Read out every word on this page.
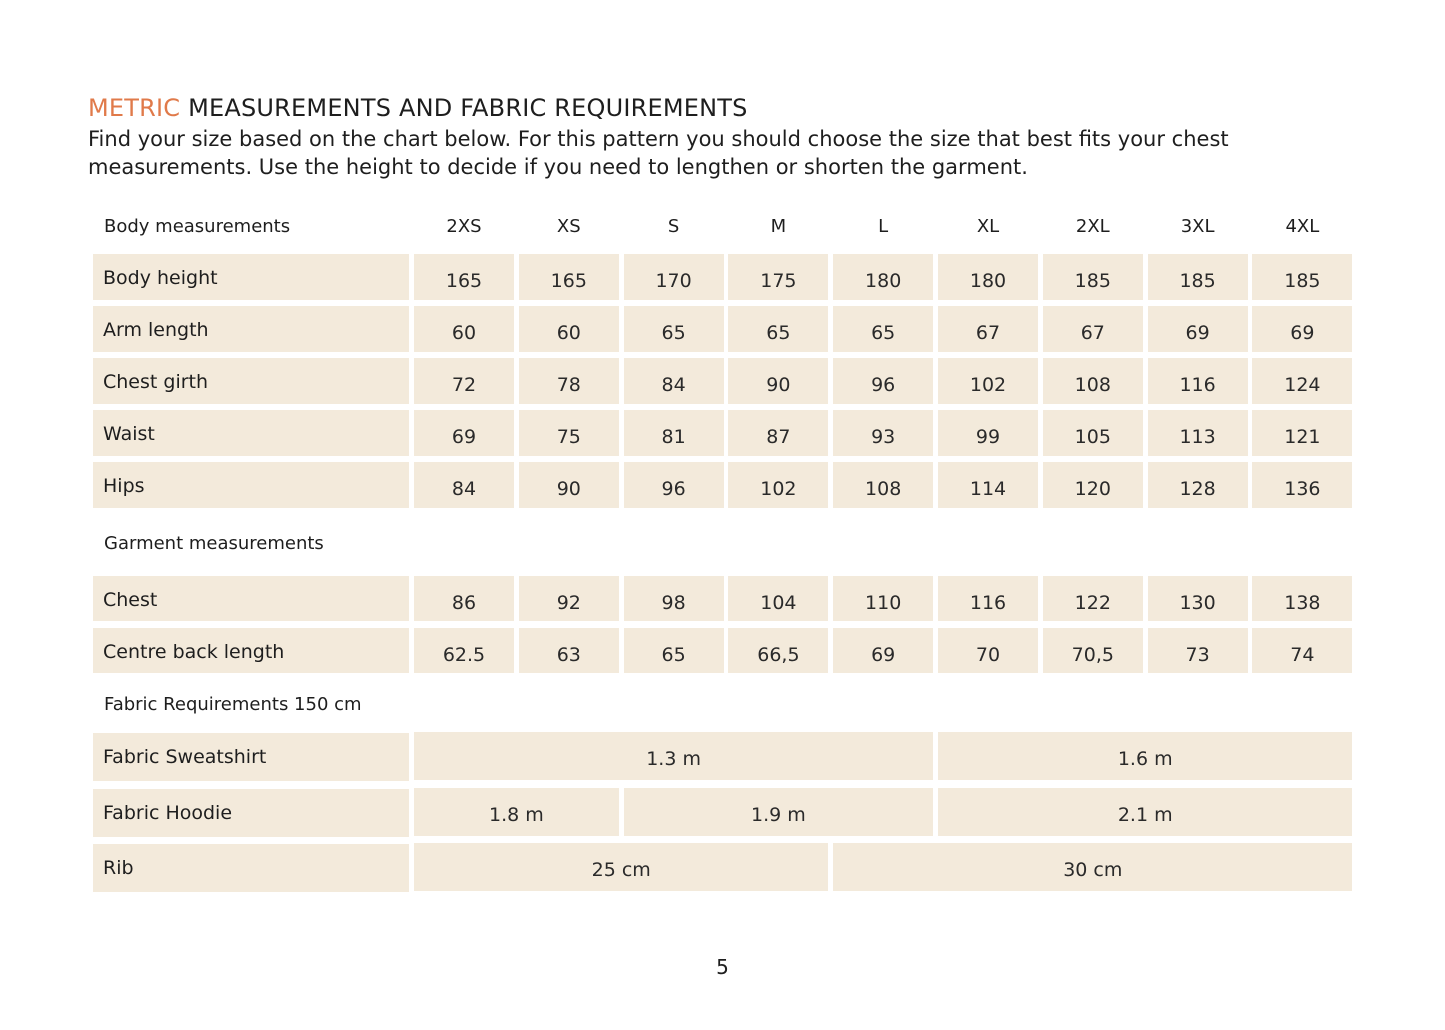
METRIC MEASUREMENTS AND FABRIC REQUIREMENTS

Find your size based on the chart below. For this pattern you should choose the size that best fits your chest
measurements. Use the height to decide if you need to lengthen or shorten the garment.

Body measurements	2XS	XS	S	M	L	XL	2XL	3XL	4XL
Body height	165	165	170	175	180	180	185	185	185
Arm length	60	60	65	65	65	67	67	69	69
Chest girth	72	78	84	90	96	102	108	116	124
Waist	69	75	81	87	93	99	105	113	121
Hips	84	90	96	102	108	114	120	128	136
Garment measurements
Chest	86	92	98	104	110	116	122	130	138
Centre back length	62.5	63	65	66,5	69	70	70,5	73	74
Fabric Requirements 150 cm
Fabric Sweatshirt	1.3 m	1.6 m
Fabric Hoodie	1.8 m	1.9 m	2.1 m
Rib	25 cm	30 cm
5
